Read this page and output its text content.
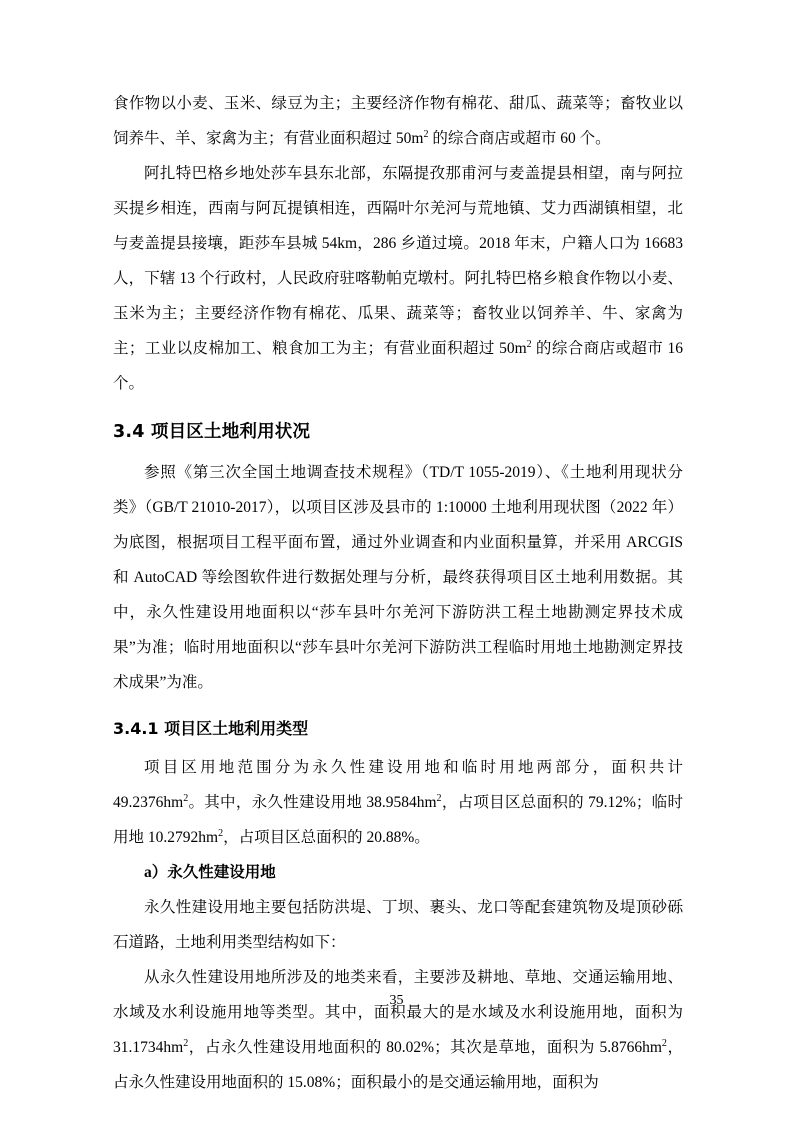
食作物以小麦、玉米、绿豆为主；主要经济作物有棉花、甜瓜、蔬菜等；畜牧业以饲养牛、羊、家禽为主；有营业面积超过 $50m^2$ 的综合商店或超市 60 个。

阿扎特巴格乡地处莎车县东北部，东隔提孜那甫河与麦盖提县相望，南与阿拉买提乡相连，西南与阿瓦提镇相连，西隔叶尔羌河与荒地镇、艾力西湖镇相望，北与麦盖提县接壤，距莎车县城 54km，286 乡道过境。2018 年末，户籍人口为 16683 人，下辖 13 个行政村，人民政府驻喀勒帕克墩村。阿扎特巴格乡粮食作物以小麦、玉米为主；主要经济作物有棉花、瓜果、蔬菜等；畜牧业以饲养羊、牛、家禽为主；工业以皮棉加工、粮食加工为主；有营业面积超过 $50m^2$ 的综合商店或超市 16 个。

3.4 项目区土地利用状况

参照《第三次全国土地调查技术规程》（TD/T 1055-2019）、《土地利用现状分类》（GB/T 21010-2017），以项目区涉及县市的 1:10000 土地利用现状图（2022 年）为底图，根据项目工程平面布置，通过外业调查和内业面积量算，并采用 ARCGIS 和 AutoCAD 等绘图软件进行数据处理与分析，最终获得项目区土地利用数据。其中，永久性建设用地面积以“莎车县叶尔羌河下游防洪工程土地勘测定界技术成果”为准；临时用地面积以“莎车县叶尔羌河下游防洪工程临时用地土地勘测定界技术成果”为准。

3.4.1 项目区土地利用类型

项目区用地范围分为永久性建设用地和临时用地两部分，面积共计 $49.2376hm^2$。其中，永久性建设用地 $38.9584hm^2$，占项目区总面积的 79.12%；临时用地 $10.2792hm^2$，占项目区总面积的 20.88%。

a）永久性建设用地

永久性建设用地主要包括防洪堤、丁坝、裹头、龙口等配套建筑物及堤顶砂砾石道路，土地利用类型结构如下：

从永久性建设用地所涉及的地类来看，主要涉及耕地、草地、交通运输用地、水域及水利设施用地等类型。其中，面积最大的是水域及水利设施用地，面积为 $31.1734hm^2$，占永久性建设用地面积的 80.02%；其次是草地，面积为 $5.8766hm^2$，占永久性建设用地面积的 15.08%；面积最小的是交通运输用地，面积为

35
